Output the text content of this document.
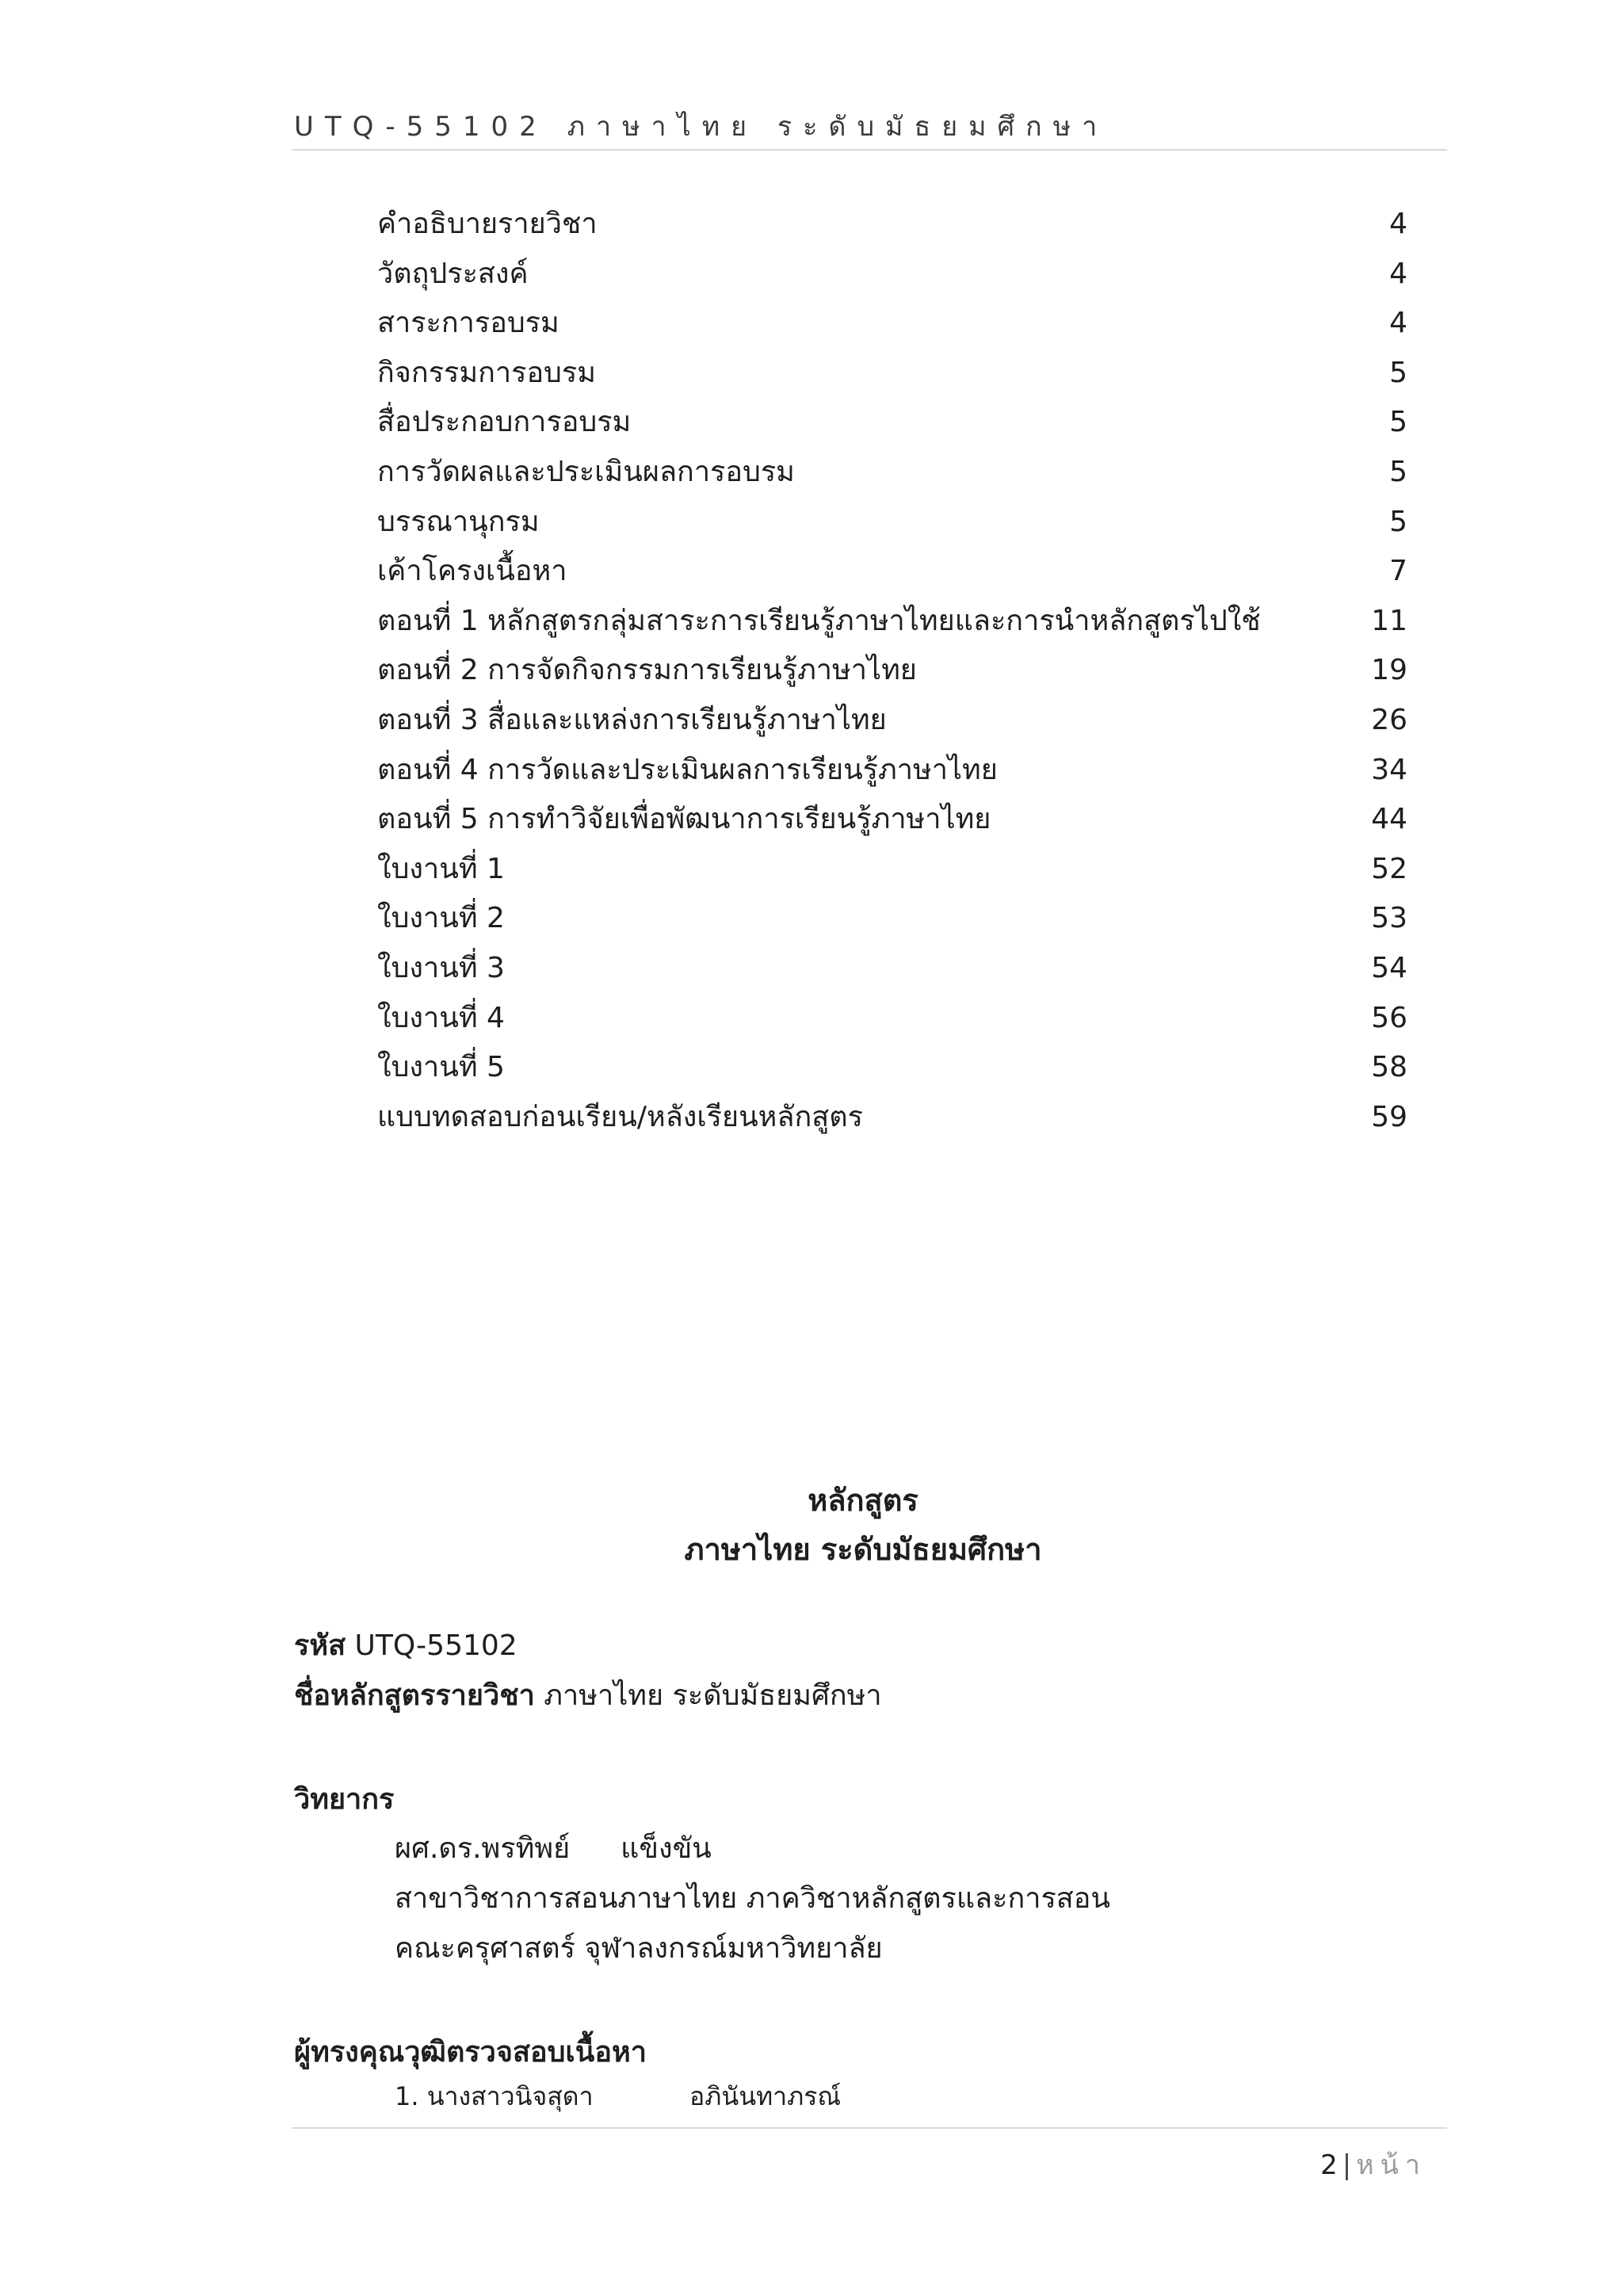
UTQ-55102 ภาษาไทย ระดับมัธยมศึกษา
คำอธิบายรายวิชา	4
วัตถุประสงค์	4
สาระการอบรม	4
กิจกรรมการอบรม	5
สื่อประกอบการอบรม	5
การวัดผลและประเมินผลการอบรม	5
บรรณานุกรม	5
เค้าโครงเนื้อหา	7
ตอนที่ 1 หลักสูตรกลุ่มสาระการเรียนรู้ภาษาไทยและการนำหลักสูตรไปใช้	11
ตอนที่ 2 การจัดกิจกรรมการเรียนรู้ภาษาไทย	19
ตอนที่ 3 สื่อและแหล่งการเรียนรู้ภาษาไทย	26
ตอนที่ 4 การวัดและประเมินผลการเรียนรู้ภาษาไทย	34
ตอนที่ 5 การทำวิจัยเพื่อพัฒนาการเรียนรู้ภาษาไทย	44
ใบงานที่ 1	52
ใบงานที่ 2	53
ใบงานที่ 3	54
ใบงานที่ 4	56
ใบงานที่ 5	58
แบบทดสอบก่อนเรียน/หลังเรียนหลักสูตร	59
หลักสูตร
ภาษาไทย ระดับมัธยมศึกษา
รหัส UTQ-55102
ชื่อหลักสูตรรายวิชา ภาษาไทย ระดับมัธยมศึกษา
วิทยากร
ผศ.ดร.พรทิพย์ แข็งขัน
สาขาวิชาการสอนภาษาไทย ภาควิชาหลักสูตรและการสอน
คณะครุศาสตร์ จุฬาลงกรณ์มหาวิทยาลัย
ผู้ทรงคุณวุฒิตรวจสอบเนื้อหา
1. นางสาวนิจสุดา	อภินันทาภรณ์
2 | หน้า
